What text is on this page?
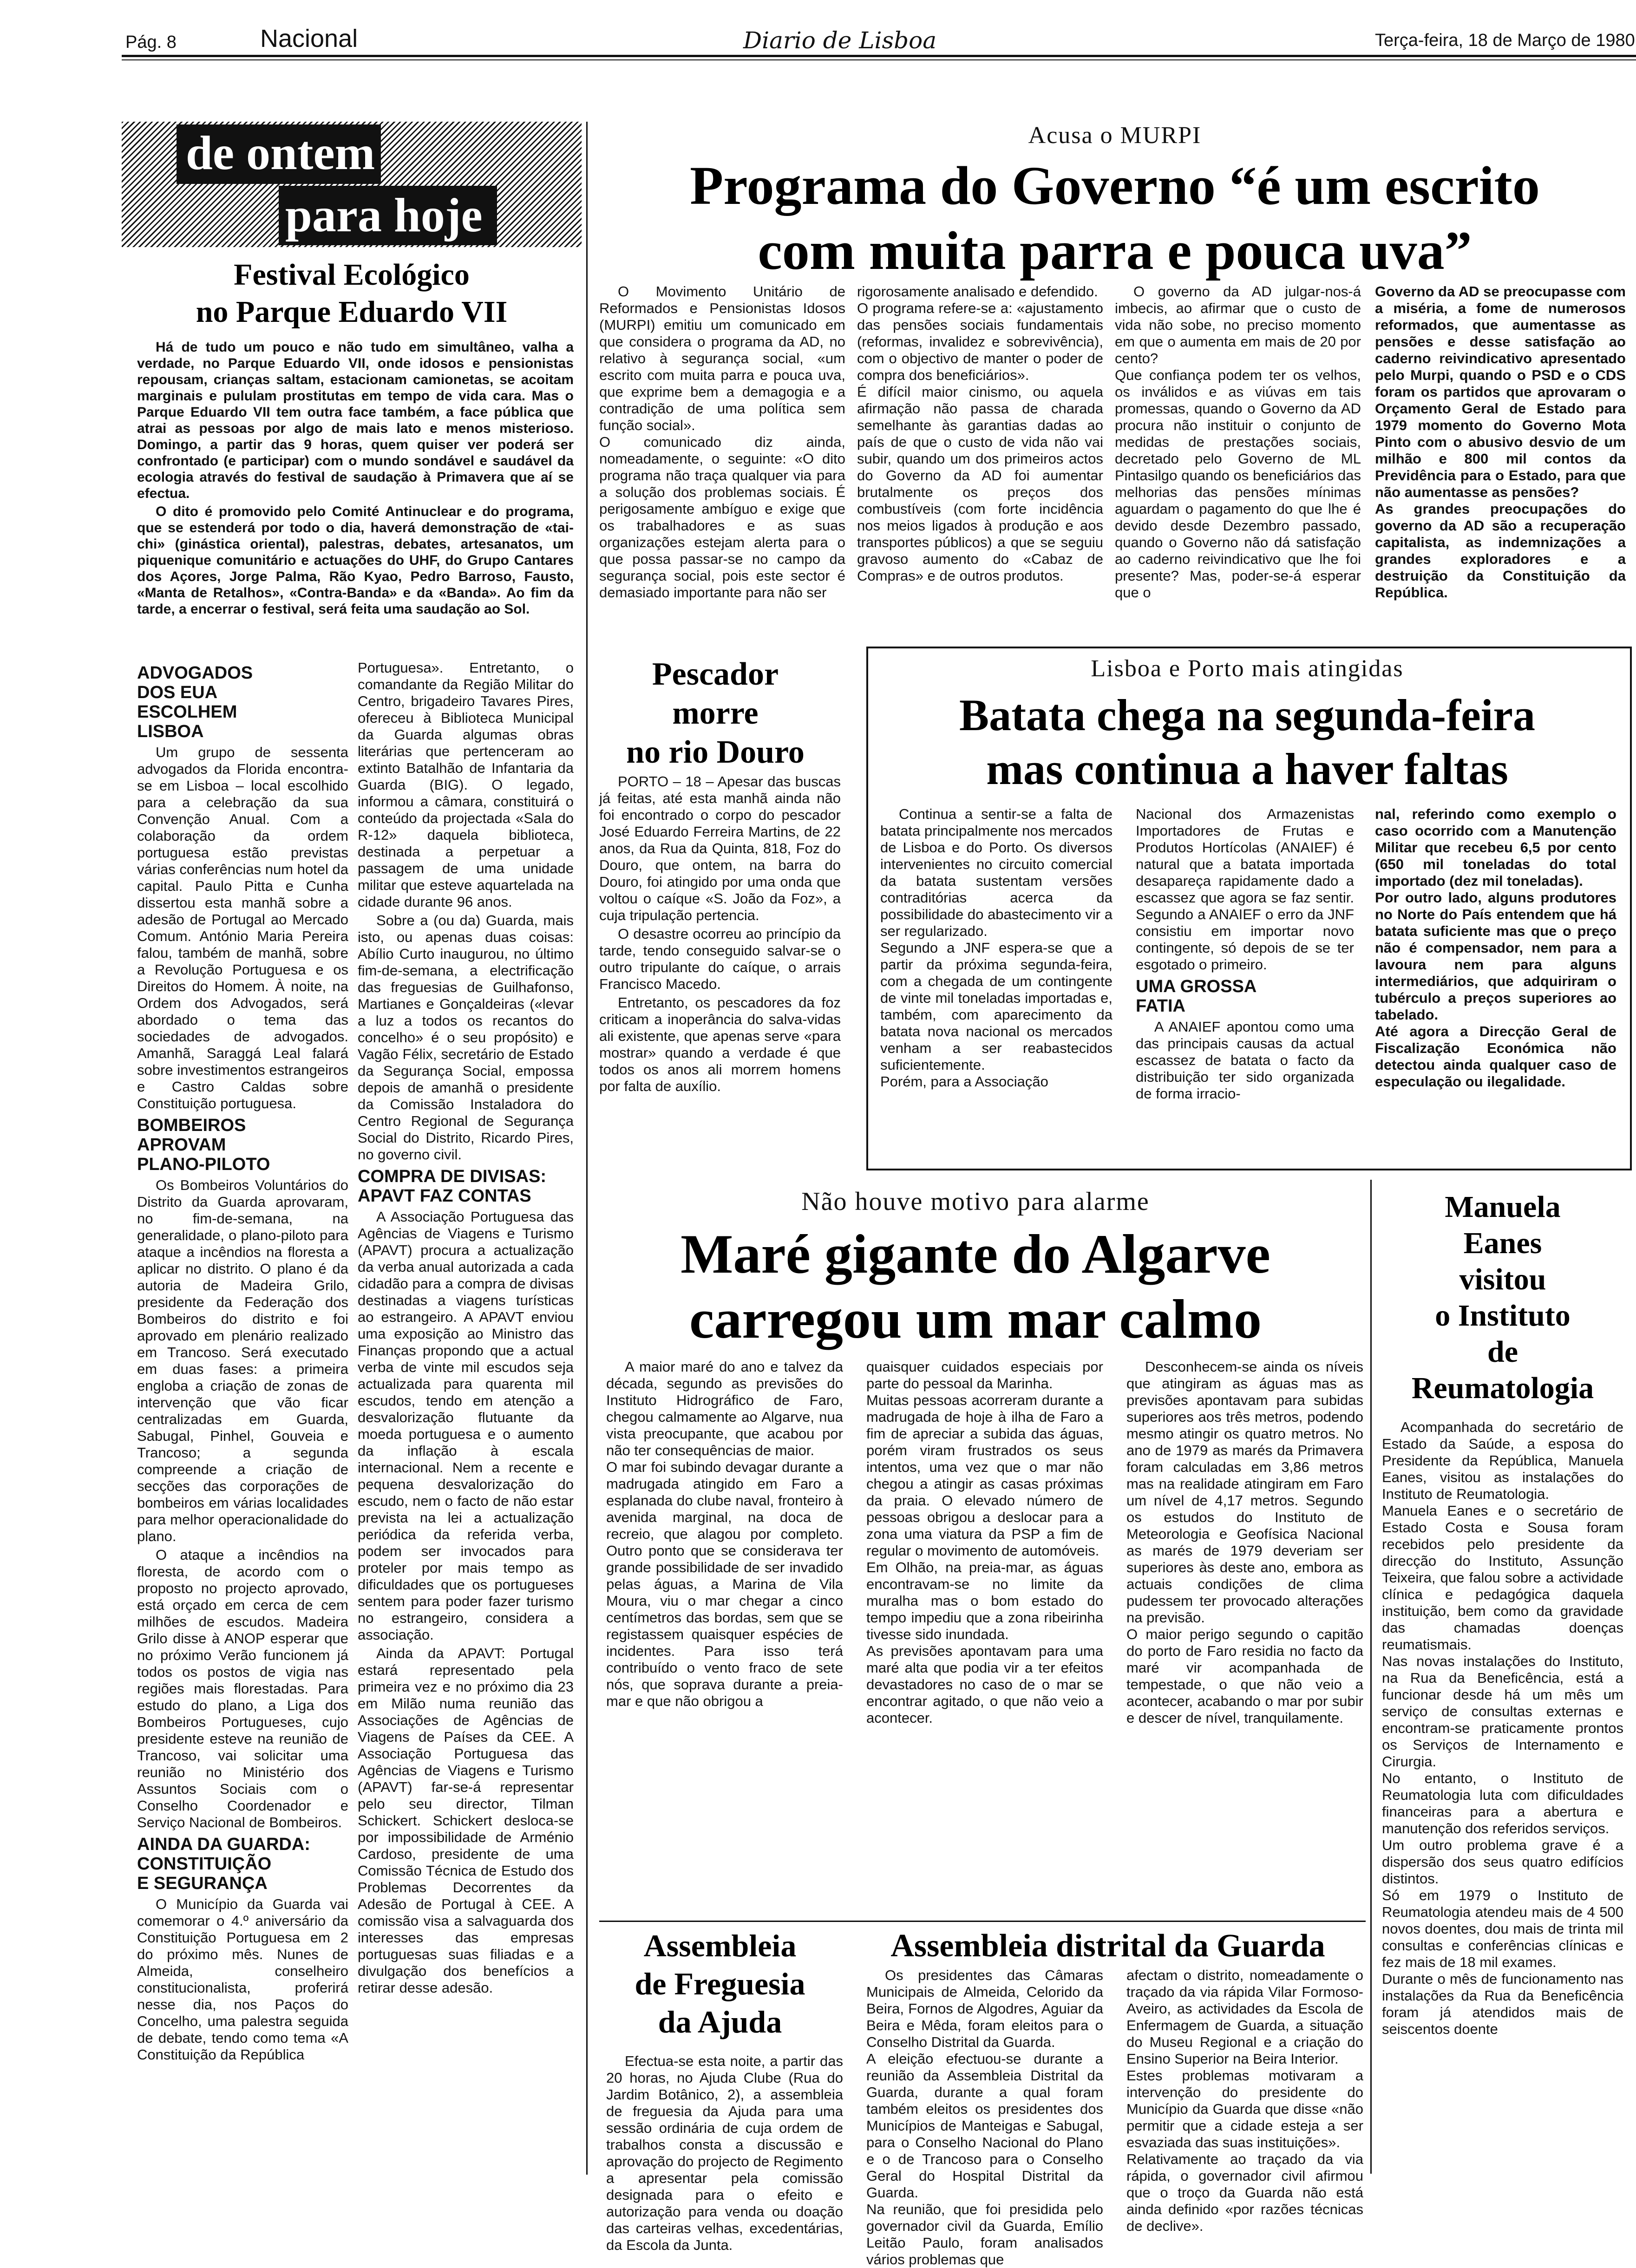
Pág. 8	Nacional	Diario de Lisboa	Terça-feira, 18 de Março de 1980
de ontem
para hoje
Festival Ecológico
no Parque Eduardo VII

Há de tudo um pouco e não tudo em simultâneo, valha a verdade, no Parque Eduardo VII, onde idosos e pensionistas repousam, crianças saltam, estacionam camionetas, se acoitam marginais e pululam prostitutas em tempo de vida cara. Mas o Parque Eduardo VII tem outra face também, a face pública que atrai as pessoas por algo de mais lato e menos misterioso. Domingo, a partir das 9 horas, quem quiser ver poderá ser confrontado (e participar) com o mundo sondável e saudável da ecologia através do festival de saudação à Primavera que aí se efectua.

O dito é promovido pelo Comité Antinuclear e do programa, que se estenderá por todo o dia, haverá demonstração de «tai-chi» (ginástica oriental), palestras, debates, artesanatos, um piquenique comunitário e actuações do UHF, do Grupo Cantares dos Açores, Jorge Palma, Rão Kyao, Pedro Barroso, Fausto, «Manta de Retalhos», «Contra-Banda» e da «Banda». Ao fim da tarde, a encerrar o festival, será feita uma saudação ao Sol.

ADVOGADOS
DOS EUA
ESCOLHEM
LISBOA

Um grupo de sessenta advogados da Florida encontra-se em Lisboa – local escolhido para a celebração da sua Convenção Anual. Com a colaboração da ordem portuguesa estão previstas várias conferências num hotel da capital. Paulo Pitta e Cunha dissertou esta manhã sobre a adesão de Portugal ao Mercado Comum. António Maria Pereira falou, também de manhã, sobre a Revolução Portuguesa e os Direitos do Homem. À noite, na Ordem dos Advogados, será abordado o tema das sociedades de advogados. Amanhã, Saraggá Leal falará sobre investimentos estrangeiros e Castro Caldas sobre Constituição portuguesa.

BOMBEIROS
APROVAM
PLANO-PILOTO

Os Bombeiros Voluntários do Distrito da Guarda aprovaram, no fim-de-semana, na generalidade, o plano-piloto para ataque a incêndios na floresta a aplicar no distrito. O plano é da autoria de Madeira Grilo, presidente da Federação dos Bombeiros do distrito e foi aprovado em plenário realizado em Trancoso. Será executado em duas fases: a primeira engloba a criação de zonas de intervenção que vão ficar centralizadas em Guarda, Sabugal, Pinhel, Gouveia e Trancoso; a segunda compreende a criação de secções das corporações de bombeiros em várias localidades para melhor operacionalidade do plano.

O ataque a incêndios na floresta, de acordo com o proposto no projecto aprovado, está orçado em cerca de cem milhões de escudos. Madeira Grilo disse à ANOP esperar que no próximo Verão funcionem já todos os postos de vigia nas regiões mais florestadas. Para estudo do plano, a Liga dos Bombeiros Portugueses, cujo presidente esteve na reunião de Trancoso, vai solicitar uma reunião no Ministério dos Assuntos Sociais com o Conselho Coordenador e Serviço Nacional de Bombeiros.

AINDA DA GUARDA:
CONSTITUIÇÃO
E SEGURANÇA

O Município da Guarda vai comemorar o 4.º aniversário da Constituição Portuguesa em 2 do próximo mês. Nunes de Almeida, conselheiro constitucionalista, proferirá nesse dia, nos Paços do Concelho, uma palestra seguida de debate, tendo como tema «A Constituição da República

Portuguesa». Entretanto, o comandante da Região Militar do Centro, brigadeiro Tavares Pires, ofereceu à Biblioteca Municipal da Guarda algumas obras literárias que pertenceram ao extinto Batalhão de Infantaria da Guarda (BIG). O legado, informou a câmara, constituirá o conteúdo da projectada «Sala do R-12» daquela biblioteca, destinada a perpetuar a passagem de uma unidade militar que esteve aquartelada na cidade durante 96 anos.

Sobre a (ou da) Guarda, mais isto, ou apenas duas coisas: Abílio Curto inaugurou, no último fim-de-semana, a electrificação das freguesias de Guilhafonso, Martianes e Gonçaldeiras («levar a luz a todos os recantos do concelho» é o seu propósito) e Vagão Félix, secretário de Estado da Segurança Social, empossa depois de amanhã o presidente da Comissão Instaladora do Centro Regional de Segurança Social do Distrito, Ricardo Pires, no governo civil.

COMPRA DE DIVISAS:
APAVT FAZ CONTAS

A Associação Portuguesa das Agências de Viagens e Turismo (APAVT) procura a actualização da verba anual autorizada a cada cidadão para a compra de divisas destinadas a viagens turísticas ao estrangeiro. A APAVT enviou uma exposição ao Ministro das Finanças propondo que a actual verba de vinte mil escudos seja actualizada para quarenta mil escudos, tendo em atenção a desvalorização flutuante da moeda portuguesa e o aumento da inflação à escala internacional. Nem a recente e pequena desvalorização do escudo, nem o facto de não estar prevista na lei a actualização periódica da referida verba, podem ser invocados para proteler por mais tempo as dificuldades que os portugueses sentem para poder fazer turismo no estrangeiro, considera a associação.

Ainda da APAVT: Portugal estará representado pela primeira vez e no próximo dia 23 em Milão numa reunião das Associações de Agências de Viagens de Países da CEE. A Associação Portuguesa das Agências de Viagens e Turismo (APAVT) far-se-á representar pelo seu director, Tilman Schickert. Schickert desloca-se por impossibilidade de Arménio Cardoso, presidente de uma Comissão Técnica de Estudo dos Problemas Decorrentes da Adesão de Portugal à CEE. A comissão visa a salvaguarda dos interesses das empresas portuguesas suas filiadas e a divulgação dos benefícios a retirar desse adesão.

Acusa o MURPI
Programa do Governo “é um escrito
com muita parra e pouca uva”

O Movimento Unitário de Reformados e Pensionistas Idosos (MURPI) emitiu um comunicado em que considera o programa da AD, no relativo à segurança social, «um escrito com muita parra e pouca uva, que exprime bem a demagogia e a contradição de uma política sem função social».
O comunicado diz ainda, nomeadamente, o seguinte: «O dito programa não traça qualquer via para a solução dos problemas sociais. É perigosamente ambíguo e exige que os trabalhadores e as suas organizações estejam alerta para o que possa passar-se no campo da segurança social, pois este sector é demasiado importante para não ser

rigorosamente analisado e defendido.
O programa refere-se a: «ajustamento das pensões sociais fundamentais (reformas, invalidez e sobrevivência), com o objectivo de manter o poder de compra dos beneficiários».
É difícil maior cinismo, ou aquela afirmação não passa de charada semelhante às garantias dadas ao país de que o custo de vida não vai subir, quando um dos primeiros actos do Governo da AD foi aumentar brutalmente os preços dos combustíveis (com forte incidência nos meios ligados à produção e aos transportes públicos) a que se seguiu gravoso aumento do «Cabaz de Compras» e de outros produtos.

O governo da AD julgar-nos-á imbecis, ao afirmar que o custo de vida não sobe, no preciso momento em que o aumenta em mais de 20 por cento?
Que confiança podem ter os velhos, os inválidos e as viúvas em tais promessas, quando o Governo da AD procura não instituir o conjunto de medidas de prestações sociais, decretado pelo Governo de ML Pintasilgo quando os beneficiários das melhorias das pensões mínimas aguardam o pagamento do que lhe é devido desde Dezembro passado, quando o Governo não dá satisfação ao caderno reivindicativo que lhe foi presente? Mas, poder-se-á esperar que o

Governo da AD se preocupasse com a miséria, a fome de numerosos reformados, que aumentasse as pensões e desse satisfação ao caderno reivindicativo apresentado pelo Murpi, quando o PSD e o CDS foram os partidos que aprovaram o Orçamento Geral de Estado para 1979 momento do Governo Mota Pinto com o abusivo desvio de um milhão e 800 mil contos da Previdência para o Estado, para que não aumentasse as pensões?
As grandes preocupações do governo da AD são a recuperação capitalista, as indemnizações a grandes exploradores e a destruição da Constituição da República.

Pescador
morre
no rio Douro

PORTO – 18 – Apesar das buscas já feitas, até esta manhã ainda não foi encontrado o corpo do pescador José Eduardo Ferreira Martins, de 22 anos, da Rua da Quinta, 818, Foz do Douro, que ontem, na barra do Douro, foi atingido por uma onda que voltou o caíque «S. João da Foz», a cuja tripulação pertencia.

O desastre ocorreu ao princípio da tarde, tendo conseguido salvar-se o outro tripulante do caíque, o arrais Francisco Macedo.

Entretanto, os pescadores da foz criticam a inoperância do salva-vidas ali existente, que apenas serve «para mostrar» quando a verdade é que todos os anos ali morrem homens por falta de auxílio.

Lisboa e Porto mais atingidas
Batata chega na segunda-feira
mas continua a haver faltas

Continua a sentir-se a falta de batata principalmente nos mercados de Lisboa e do Porto. Os diversos intervenientes no circuito comercial da batata sustentam versões contraditórias acerca da possibilidade do abastecimento vir a ser regularizado.
Segundo a JNF espera-se que a partir da próxima segunda-feira, com a chegada de um contingente de vinte mil toneladas importadas e, também, com aparecimento da batata nova nacional os mercados venham a ser reabastecidos suficientemente.
Porém, para a Associação

Nacional dos Armazenistas Importadores de Frutas e Produtos Hortícolas (ANAIEF) é natural que a batata importada desapareça rapidamente dado a escassez que agora se faz sentir. Segundo a ANAIEF o erro da JNF consistiu em importar novo contingente, só depois de se ter esgotado o primeiro.

UMA GROSSA
FATIA

A ANAIEF apontou como uma das principais causas da actual escassez de batata o facto da distribuição ter sido organizada de forma irracio-

nal, referindo como exemplo o caso ocorrido com a Manutenção Militar que recebeu 6,5 por cento (650 mil toneladas do total importado (dez mil toneladas).
Por outro lado, alguns produtores no Norte do País entendem que há batata suficiente mas que o preço não é compensador, nem para a lavoura nem para alguns intermediários, que adquiriram o tubérculo a preços superiores ao tabelado.
Até agora a Direcção Geral de Fiscalização Económica não detectou ainda qualquer caso de especulação ou ilegalidade.

Não houve motivo para alarme
Maré gigante do Algarve
carregou um mar calmo

A maior maré do ano e talvez da década, segundo as previsões do Instituto Hidrográfico de Faro, chegou calmamente ao Algarve, nua vista preocupante, que acabou por não ter consequências de maior.
O mar foi subindo devagar durante a madrugada atingido em Faro a esplanada do clube naval, fronteiro à avenida marginal, na doca de recreio, que alagou por completo. Outro ponto que se considerava ter grande possibilidade de ser invadido pelas águas, a Marina de Vila Moura, viu o mar chegar a cinco centímetros das bordas, sem que se registassem quaisquer espécies de incidentes. Para isso terá contribuído o vento fraco de sete nós, que soprava durante a preia-mar e que não obrigou a

quaisquer cuidados especiais por parte do pessoal da Marinha.
Muitas pessoas acorreram durante a madrugada de hoje à ilha de Faro a fim de apreciar a subida das águas, porém viram frustrados os seus intentos, uma vez que o mar não chegou a atingir as casas próximas da praia. O elevado número de pessoas obrigou a deslocar para a zona uma viatura da PSP a fim de regular o movimento de automóveis.
Em Olhão, na preia-mar, as águas encontravam-se no limite da muralha mas o bom estado do tempo impediu que a zona ribeirinha tivesse sido inundada.
As previsões apontavam para uma maré alta que podia vir a ter efeitos devastadores no caso de o mar se encontrar agitado, o que não veio a acontecer.

Desconhecem-se ainda os níveis que atingiram as águas mas as previsões apontavam para subidas superiores aos três metros, podendo mesmo atingir os quatro metros. No ano de 1979 as marés da Primavera foram calculadas em 3,86 metros mas na realidade atingiram em Faro um nível de 4,17 metros. Segundo os estudos do Instituto de Meteorologia e Geofísica Nacional as marés de 1979 deveriam ser superiores às deste ano, embora as actuais condições de clima pudessem ter provocado alterações na previsão.
O maior perigo segundo o capitão do porto de Faro residia no facto da maré vir acompanhada de tempestade, o que não veio a acontecer, acabando o mar por subir e descer de nível, tranquilamente.

Manuela
Eanes
visitou
o Instituto
de
Reumatologia

Acompanhada do secretário de Estado da Saúde, a esposa do Presidente da República, Manuela Eanes, visitou as instalações do Instituto de Reumatologia.
Manuela Eanes e o secretário de Estado Costa e Sousa foram recebidos pelo presidente da direcção do Instituto, Assunção Teixeira, que falou sobre a actividade clínica e pedagógica daquela instituição, bem como da gravidade das chamadas doenças reumatismais.
Nas novas instalações do Instituto, na Rua da Beneficência, está a funcionar desde há um mês um serviço de consultas externas e encontram-se praticamente prontos os Serviços de Internamento e Cirurgia.
No entanto, o Instituto de Reumatologia luta com dificuldades financeiras para a abertura e manutenção dos referidos serviços.
Um outro problema grave é a dispersão dos seus quatro edifícios distintos.
Só em 1979 o Instituto de Reumatologia atendeu mais de 4 500 novos doentes, dou mais de trinta mil consultas e conferências clínicas e fez mais de 18 mil exames.
Durante o mês de funcionamento nas instalações da Rua da Beneficência foram já atendidos mais de seiscentos doente

Assembleia
de Freguesia
da Ajuda

Efectua-se esta noite, a partir das 20 horas, no Ajuda Clube (Rua do Jardim Botânico, 2), a assembleia de freguesia da Ajuda para uma sessão ordinária de cuja ordem de trabalhos consta a discussão e aprovação do projecto de Regimento a apresentar pela comissão designada para o efeito e autorização para venda ou doação das carteiras velhas, excedentárias, da Escola da Junta.

Assembleia distrital da Guarda

Os presidentes das Câmaras Municipais de Almeida, Celorido da Beira, Fornos de Algodres, Aguiar da Beira e Mêda, foram eleitos para o Conselho Distrital da Guarda.
A eleição efectuou-se durante a reunião da Assembleia Distrital da Guarda, durante a qual foram também eleitos os presidentes dos Municípios de Manteigas e Sabugal, para o Conselho Nacional do Plano e o de Trancoso para o Conselho Geral do Hospital Distrital da Guarda.
Na reunião, que foi presidida pelo governador civil da Guarda, Emílio Leitão Paulo, foram analisados vários problemas que

afectam o distrito, nomeadamente o traçado da via rápida Vilar Formoso-Aveiro, as actividades da Escola de Enfermagem de Guarda, a situação do Museu Regional e a criação do Ensino Superior na Beira Interior.
Estes problemas motivaram a intervenção do presidente do Município da Guarda que disse «não permitir que a cidade esteja a ser esvaziada das suas instituições».
Relativamente ao traçado da via rápida, o governador civil afirmou que o troço da Guarda não está ainda definido «por razões técnicas de declive».
